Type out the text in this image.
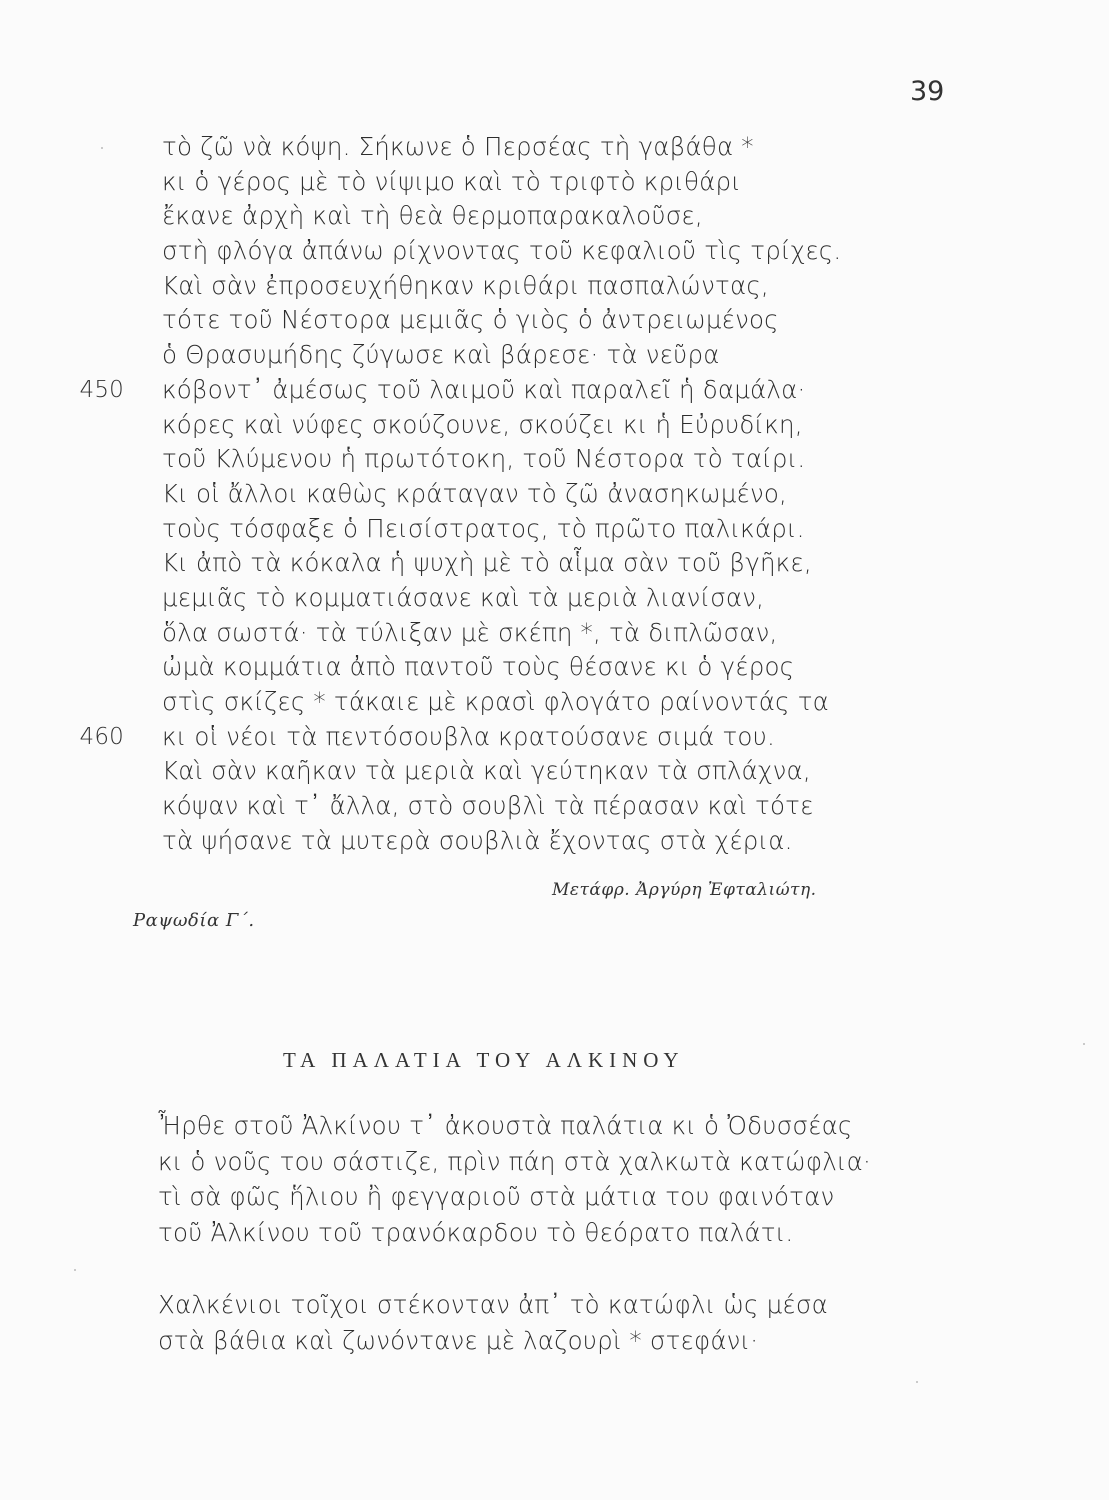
39
τὸ ζῶ νὰ κόψη. Σήκωνε ὁ Περσέας τὴ γαβάθα *
κι ὁ γέρος μὲ τὸ νίψιμο καὶ τὸ τριφτὸ κριθάρι
ἔκανε ἀρχὴ καὶ τὴ θεὰ θερμοπαρακαλοῦσε,
στὴ φλόγα ἀπάνω ρίχνοντας τοῦ κεφαλιοῦ τὶς τρίχες.
Καὶ σὰν ἐπροσευχήθηκαν κριθάρι πασπαλώντας,
τότε τοῦ Νέστορα μεμιᾶς ὁ γιὸς ὁ ἀντρειωμένος
ὁ Θρασυμήδης ζύγωσε καὶ βάρεσε· τὰ νεῦρα
450 κόβοντ᾽ ἀμέσως τοῦ λαιμοῦ καὶ παραλεῖ ἡ δαμάλα·
κόρες καὶ νύφες σκούζουνε, σκούζει κι ἡ Εὐρυδίκη,
τοῦ Κλύμενου ἡ πρωτότοκη, τοῦ Νέστορα τὸ ταίρι.
Κι οἱ ἄλλοι καθὼς κράταγαν τὸ ζῶ ἀνασηκωμένο,
τοὺς τόσφαξε ὁ Πεισίστρατος, τὸ πρῶτο παλικάρι.
Κι ἀπὸ τὰ κόκαλα ἡ ψυχὴ μὲ τὸ αἷμα σὰν τοῦ βγῆκε,
μεμιᾶς τὸ κομματιάσανε καὶ τὰ μεριὰ λιανίσαν,
ὅλα σωστά· τὰ τύλιξαν μὲ σκέπη *, τὰ διπλῶσαν,
ὠμὰ κομμάτια ἀπὸ παντοῦ τοὺς θέσανε κι ὁ γέρος
στὶς σκίζες * τάκαιε μὲ κρασὶ φλογάτο ραίνοντάς τα
460 κι οἱ νέοι τὰ πεντόσουβλα κρατούσανε σιμά του.
Καὶ σὰν καῆκαν τὰ μεριὰ καὶ γεύτηκαν τὰ σπλάχνα,
κόψαν καὶ τ᾽ ἄλλα, στὸ σουβλὶ τὰ πέρασαν καὶ τότε
τὰ ψήσανε τὰ μυτερὰ σουβλιὰ ἔχοντας στὰ χέρια.
Μετάφρ. Ἀργύρη Ἐφταλιώτη.
Ραψωδία Γ΄.
ΤΑ ΠΑΛΑΤΙΑ ΤΟΥ ΑΛΚΙΝΟΥ
Ἦρθε στοῦ Ἀλκίνου τ᾽ ἀκουστὰ παλάτια κι ὁ Ὀδυσσέας
κι ὁ νοῦς του σάστιζε, πρὶν πάη στὰ χαλκωτὰ κατώφλια·
τὶ σὰ φῶς ἥλιου ἢ φεγγαριοῦ στὰ μάτια του φαινόταν
τοῦ Ἀλκίνου τοῦ τρανόκαρδου τὸ θεόρατο παλάτι.
Χαλκένιοι τοῖχοι στέκονταν ἀπ᾽ τὸ κατώφλι ὡς μέσα
στὰ βάθια καὶ ζωνόντανε μὲ λαζουρὶ * στεφάνι·
